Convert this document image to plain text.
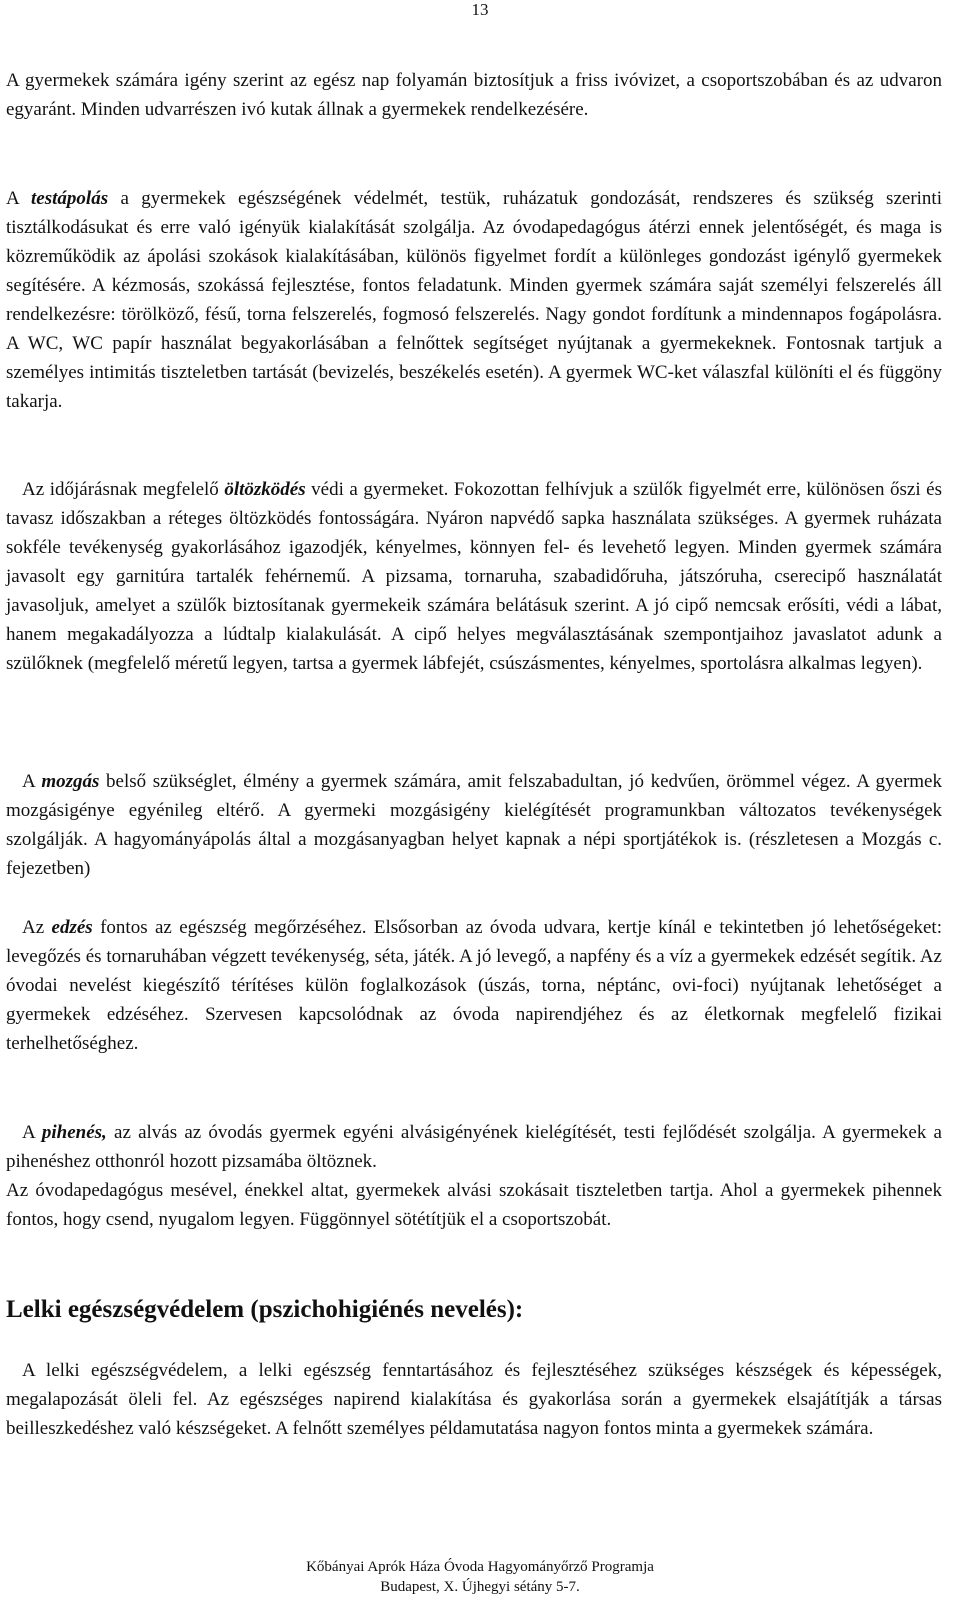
13

A gyermekek számára igény szerint az egész nap folyamán biztosítjuk a friss ivóvizet, a csoportszobában és az udvaron egyaránt. Minden udvarrészen ivó kutak állnak a gyermekek rendelkezésére.

A testápolás a gyermekek egészségének védelmét, testük, ruházatuk gondozását, rendszeres és szükség szerinti tisztálkodásukat és erre való igényük kialakítását szolgálja. Az óvodapedagógus átérzi ennek jelentőségét, és maga is közreműködik az ápolási szokások kialakításában, különös figyelmet fordít a különleges gondozást igénylő gyermekek segítésére. A kézmosás, szokássá fejlesztése, fontos feladatunk. Minden gyermek számára saját személyi felszerelés áll rendelkezésre: törölköző, fésű, torna felszerelés, fogmosó felszerelés. Nagy gondot fordítunk a mindennapos fogápolásra. A WC, WC papír használat begyakorlásában a felnőttek segítséget nyújtanak a gyermekeknek. Fontosnak tartjuk a személyes intimitás tiszteletben tartását (bevizelés, beszékelés esetén). A gyermek WC-ket válaszfal különíti el és függöny takarja.

Az időjárásnak megfelelő öltözködés védi a gyermeket. Fokozottan felhívjuk a szülők figyelmét erre, különösen őszi és tavasz időszakban a réteges öltözködés fontosságára. Nyáron napvédő sapka használata szükséges. A gyermek ruházata sokféle tevékenység gyakorlásához igazodjék, kényelmes, könnyen fel- és levehető legyen. Minden gyermek számára javasolt egy garnitúra tartalék fehérnemű. A pizsama, tornaruha, szabadidőruha, játszóruha, cserecipő használatát javasoljuk, amelyet a szülők biztosítanak gyermekeik számára belátásuk szerint. A jó cipő nemcsak erősíti, védi a lábat, hanem megakadályozza a lúdtalp kialakulását. A cipő helyes megválasztásának szempontjaihoz javaslatot adunk a szülőknek (megfelelő méretű legyen, tartsa a gyermek lábfejét, csúszásmentes, kényelmes, sportolásra alkalmas legyen).

A mozgás belső szükséglet, élmény a gyermek számára, amit felszabadultan, jó kedvűen, örömmel végez. A gyermek mozgásigénye egyénileg eltérő. A gyermeki mozgásigény kielégítését programunkban változatos tevékenységek szolgálják. A hagyományápolás által a mozgásanyagban helyet kapnak a népi sportjátékok is. (részletesen a Mozgás c. fejezetben)

Az edzés fontos az egészség megőrzéséhez. Elsősorban az óvoda udvara, kertje kínál e tekintetben jó lehetőségeket: levegőzés és tornaruhában végzett tevékenység, séta, játék. A jó levegő, a napfény és a víz a gyermekek edzését segítik. Az óvodai nevelést kiegészítő térítéses külön foglalkozások (úszás, torna, néptánc, ovi-foci) nyújtanak lehetőséget a gyermekek edzéséhez. Szervesen kapcsolódnak az óvoda napirendjéhez és az életkornak megfelelő fizikai terhelhetőséghez.

A pihenés, az alvás az óvodás gyermek egyéni alvásigényének kielégítését, testi fejlődését szolgálja. A gyermekek a pihenéshez otthonról hozott pizsamába öltöznek.

Az óvodapedagógus mesével, énekkel altat, gyermekek alvási szokásait tiszteletben tartja. Ahol a gyermekek pihennek fontos, hogy csend, nyugalom legyen. Függönnyel sötétítjük el a csoportszobát.

Lelki egészségvédelem (pszichohigiénés nevelés):

A lelki egészségvédelem, a lelki egészség fenntartásához és fejlesztéséhez szükséges készségek és képességek, megalapozását öleli fel. Az egészséges napirend kialakítása és gyakorlása során a gyermekek elsajátítják a társas beilleszkedéshez való készségeket. A felnőtt személyes példamutatása nagyon fontos minta a gyermekek számára.

Kőbányai Aprók Háza Óvoda Hagyományőrző Programja
Budapest, X. Újhegyi sétány 5-7.
